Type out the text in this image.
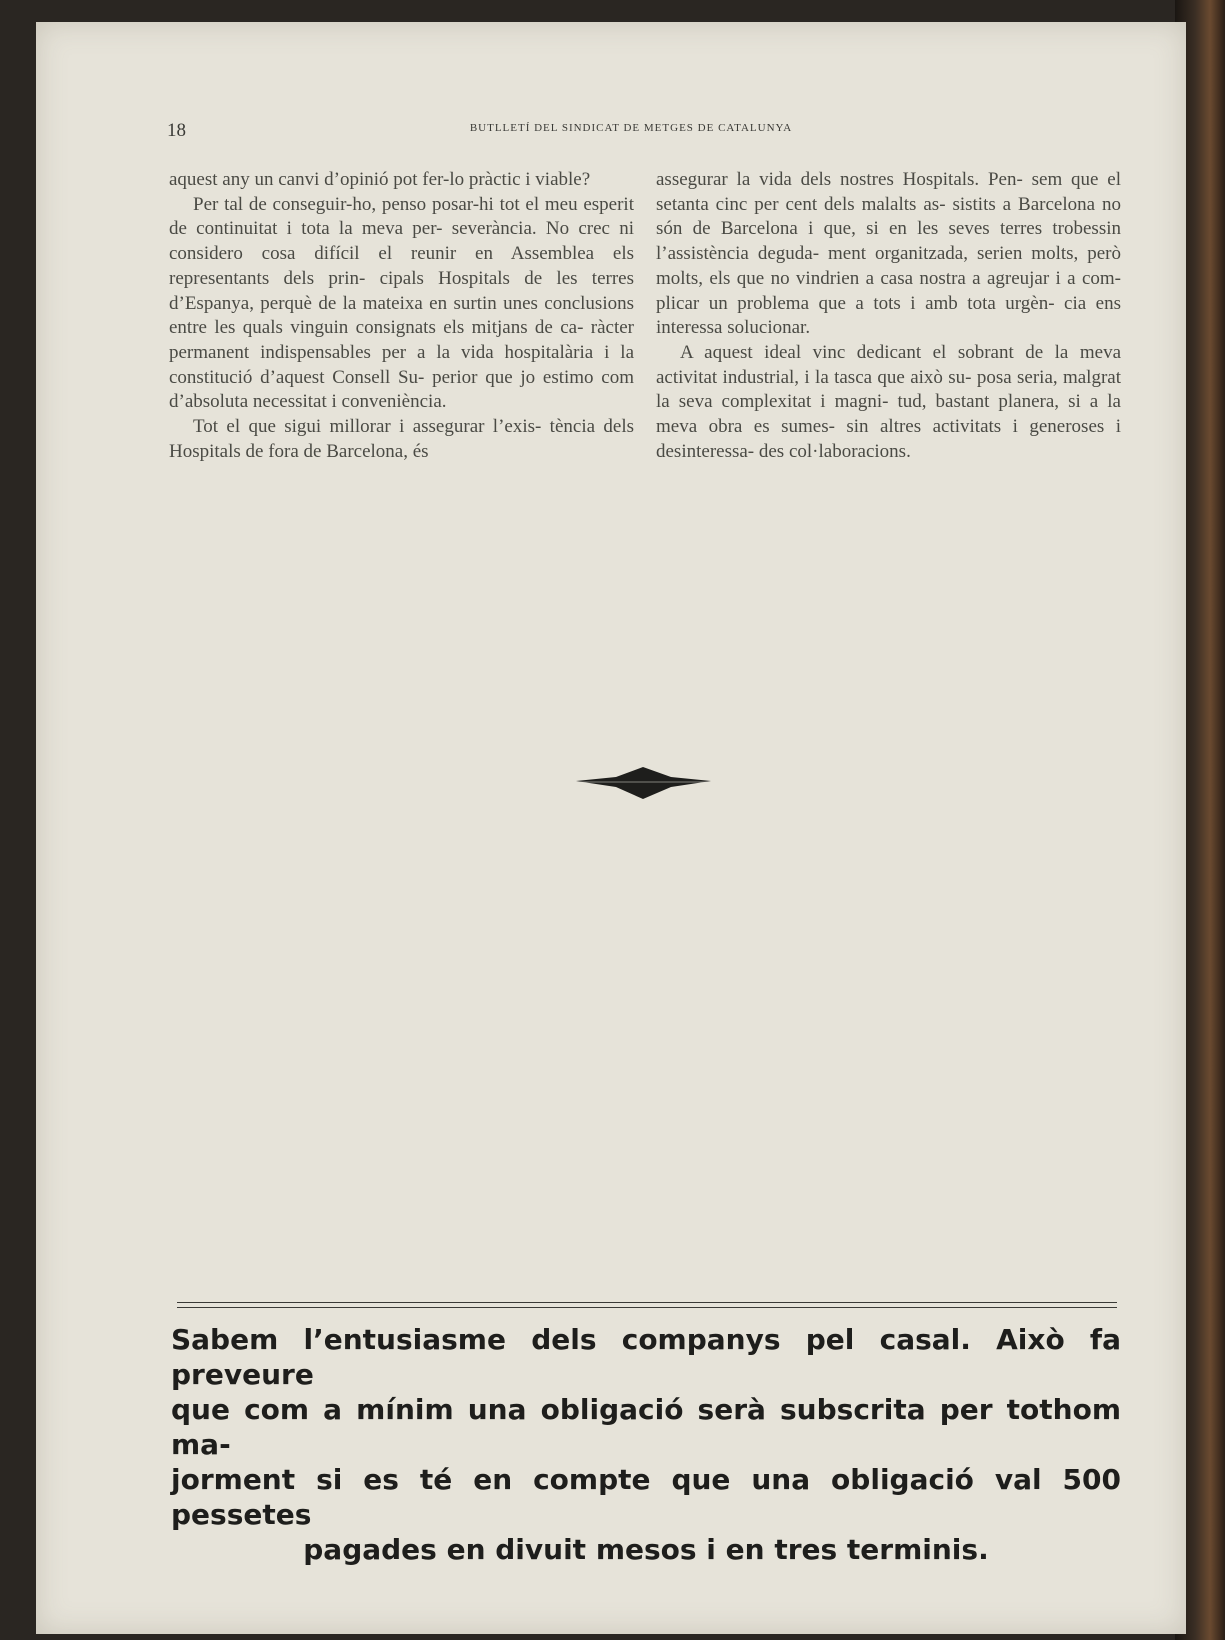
18	BUTLLETÍ DEL SINDICAT DE METGES DE CATALUNYA

aquest any un canvi d’opinió pot fer-lo pràctic i viable?

Per tal de conseguir-ho, penso posar-hi tot el meu esperit de continuitat i tota la meva per- severància. No crec ni considero cosa difícil el reunir en Assemblea els representants dels prin- cipals Hospitals de les terres d’Espanya, perquè de la mateixa en surtin unes conclusions entre les quals vinguin consignats els mitjans de ca- ràcter permanent indispensables per a la vida hospitalària i la constitució d’aquest Consell Su- perior que jo estimo com d’absoluta necessitat i conveniència.

Tot el que sigui millorar i assegurar l’exis- tència dels Hospitals de fora de Barcelona, és

assegurar la vida dels nostres Hospitals. Pen- sem que el setanta cinc per cent dels malalts as- sistits a Barcelona no són de Barcelona i que, si en les seves terres trobessin l’assistència deguda- ment organitzada, serien molts, però molts, els que no vindrien a casa nostra a agreujar i a com- plicar un problema que a tots i amb tota urgèn- cia ens interessa solucionar.

A aquest ideal vinc dedicant el sobrant de la meva activitat industrial, i la tasca que això su- posa seria, malgrat la seva complexitat i magni- tud, bastant planera, si a la meva obra es sumes- sin altres activitats i generoses i desinteressa- des col·laboracions.

Sabem l’entusiasme dels companys pel casal. Això fa preveure
que com a mínim una obligació serà subscrita per tothom ma-
jorment si es té en compte que una obligació val 500 pessetes
pagades en divuit mesos i en tres terminis.
